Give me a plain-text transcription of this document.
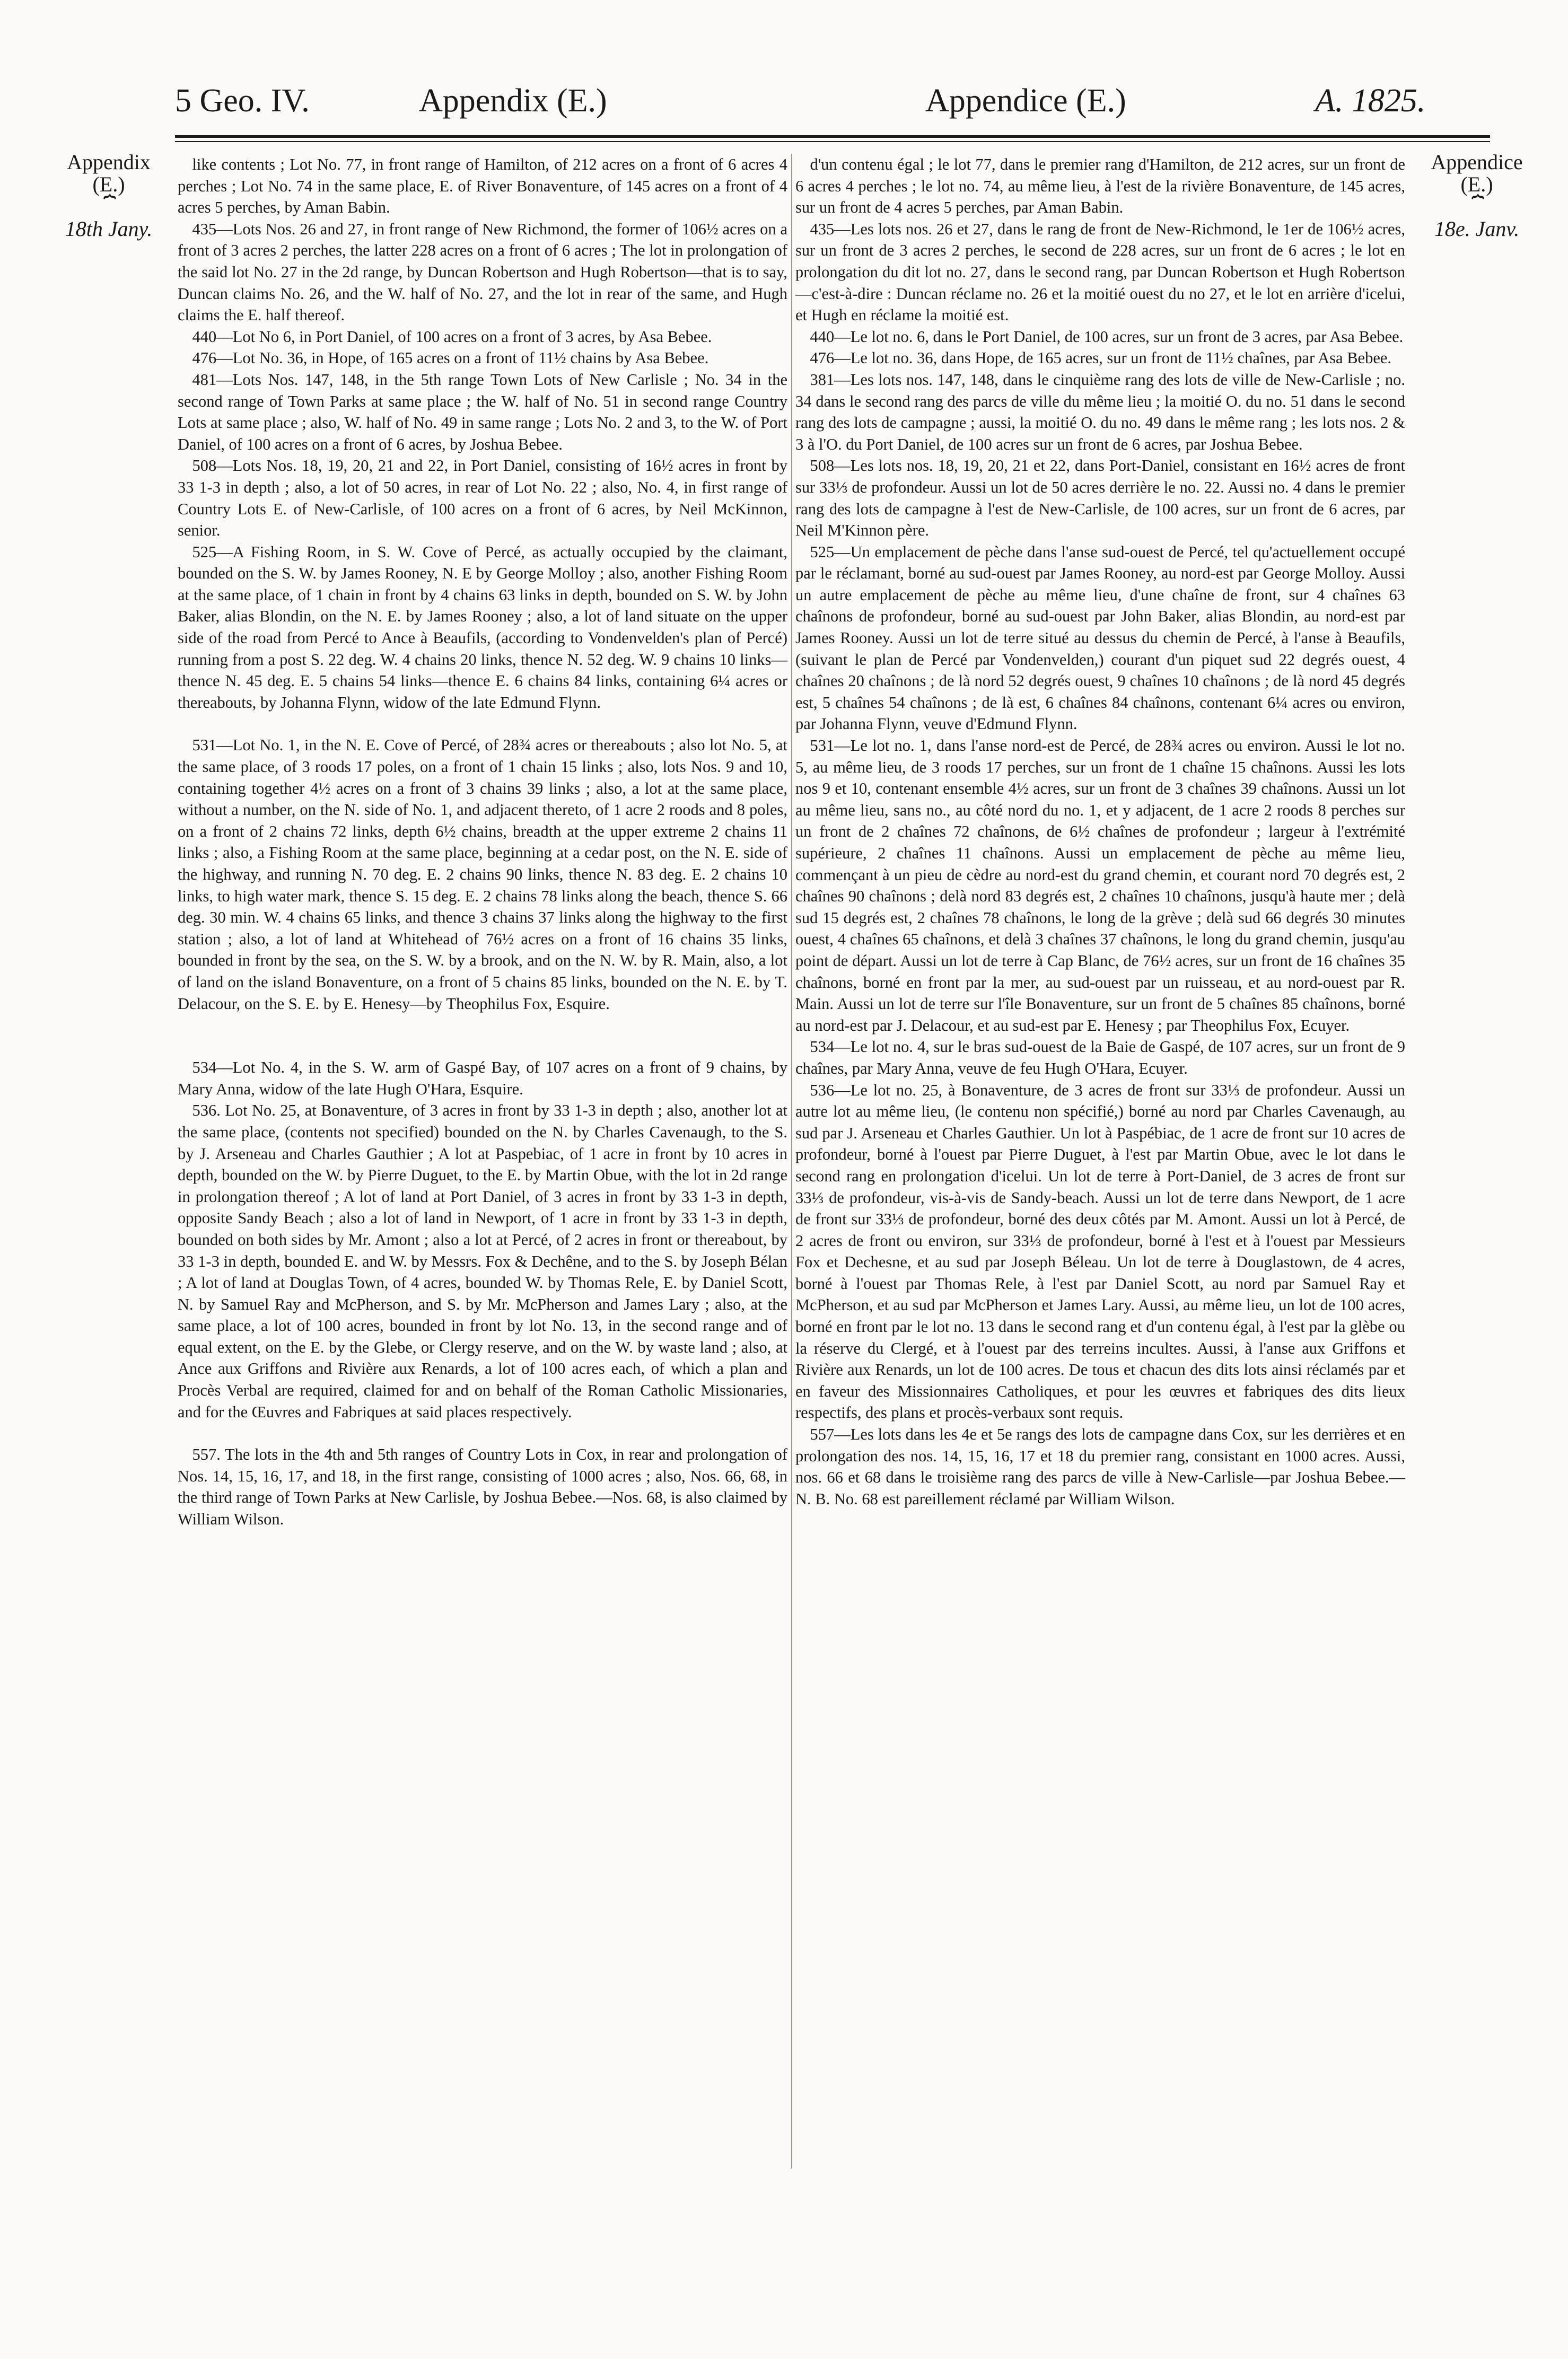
5 Geo. IV.	Appendix (E.)	Appendice (E.)	A. 1825.
Appendix
(E.)
⏞
18th Jany.
Appendice
(E.)
⏞
18e. Janv.

like contents ; Lot No. 77, in front range of Hamilton, of 212 acres on a front of 6 acres 4 perches ; Lot No. 74 in the same place, E. of River Bonaventure, of 145 acres on a front of 4 acres 5 perches, by Aman Babin.

435—Lots Nos. 26 and 27, in front range of New Richmond, the former of 106½ acres on a front of 3 acres 2 perches, the latter 228 acres on a front of 6 acres ; The lot in prolongation of the said lot No. 27 in the 2d range, by Duncan Robertson and Hugh Robertson—that is to say, Duncan claims No. 26, and the W. half of No. 27, and the lot in rear of the same, and Hugh claims the E. half thereof.

440—Lot No 6, in Port Daniel, of 100 acres on a front of 3 acres, by Asa Bebee.

476—Lot No. 36, in Hope, of 165 acres on a front of 11½ chains by Asa Bebee.

481—Lots Nos. 147, 148, in the 5th range Town Lots of New Carlisle ; No. 34 in the second range of Town Parks at same place ; the W. half of No. 51 in second range Country Lots at same place ; also, W. half of No. 49 in same range ; Lots No. 2 and 3, to the W. of Port Daniel, of 100 acres on a front of 6 acres, by Joshua Bebee.

508—Lots Nos. 18, 19, 20, 21 and 22, in Port Daniel, consisting of 16½ acres in front by 33 1-3 in depth ; also, a lot of 50 acres, in rear of Lot No. 22 ; also, No. 4, in first range of Country Lots E. of New-Carlisle, of 100 acres on a front of 6 acres, by Neil McKinnon, senior.

525—A Fishing Room, in S. W. Cove of Percé, as actually occupied by the claimant, bounded on the S. W. by James Rooney, N. E by George Molloy ; also, another Fishing Room at the same place, of 1 chain in front by 4 chains 63 links in depth, bounded on S. W. by John Baker, alias Blondin, on the N. E. by James Rooney ; also, a lot of land situate on the upper side of the road from Percé to Ance à Beaufils, (according to Vondenvelden's plan of Percé) running from a post S. 22 deg. W. 4 chains 20 links, thence N. 52 deg. W. 9 chains 10 links—thence N. 45 deg. E. 5 chains 54 links—thence E. 6 chains 84 links, containing 6¼ acres or thereabouts, by Johanna Flynn, widow of the late Edmund Flynn.

531—Lot No. 1, in the N. E. Cove of Percé, of 28¾ acres or thereabouts ; also lot No. 5, at the same place, of 3 roods 17 poles, on a front of 1 chain 15 links ; also, lots Nos. 9 and 10, containing together 4½ acres on a front of 3 chains 39 links ; also, a lot at the same place, without a number, on the N. side of No. 1, and adjacent thereto, of 1 acre 2 roods and 8 poles, on a front of 2 chains 72 links, depth 6½ chains, breadth at the upper extreme 2 chains 11 links ; also, a Fishing Room at the same place, beginning at a cedar post, on the N. E. side of the highway, and running N. 70 deg. E. 2 chains 90 links, thence N. 83 deg. E. 2 chains 10 links, to high water mark, thence S. 15 deg. E. 2 chains 78 links along the beach, thence S. 66 deg. 30 min. W. 4 chains 65 links, and thence 3 chains 37 links along the highway to the first station ; also, a lot of land at Whitehead of 76½ acres on a front of 16 chains 35 links, bounded in front by the sea, on the S. W. by a brook, and on the N. W. by R. Main, also, a lot of land on the island Bonaventure, on a front of 5 chains 85 links, bounded on the N. E. by T. Delacour, on the S. E. by E. Henesy—by Theophilus Fox, Esquire.

534—Lot No. 4, in the S. W. arm of Gaspé Bay, of 107 acres on a front of 9 chains, by Mary Anna, widow of the late Hugh O'Hara, Esquire.

536. Lot No. 25, at Bonaventure, of 3 acres in front by 33 1-3 in depth ; also, another lot at the same place, (contents not specified) bounded on the N. by Charles Cavenaugh, to the S. by J. Arseneau and Charles Gauthier ; A lot at Paspebiac, of 1 acre in front by 10 acres in depth, bounded on the W. by Pierre Duguet, to the E. by Martin Obue, with the lot in 2d range in prolongation thereof ; A lot of land at Port Daniel, of 3 acres in front by 33 1-3 in depth, opposite Sandy Beach ; also a lot of land in Newport, of 1 acre in front by 33 1-3 in depth, bounded on both sides by Mr. Amont ; also a lot at Percé, of 2 acres in front or thereabout, by 33 1-3 in depth, bounded E. and W. by Messrs. Fox & Dechêne, and to the S. by Joseph Bélan ; A lot of land at Douglas Town, of 4 acres, bounded W. by Thomas Rele, E. by Daniel Scott, N. by Samuel Ray and McPherson, and S. by Mr. McPherson and James Lary ; also, at the same place, a lot of 100 acres, bounded in front by lot No. 13, in the second range and of equal extent, on the E. by the Glebe, or Clergy reserve, and on the W. by waste land ; also, at Ance aux Griffons and Rivière aux Renards, a lot of 100 acres each, of which a plan and Procès Verbal are required, claimed for and on behalf of the Roman Catholic Missionaries, and for the Œuvres and Fabriques at said places respectively.

557. The lots in the 4th and 5th ranges of Country Lots in Cox, in rear and prolongation of Nos. 14, 15, 16, 17, and 18, in the first range, consisting of 1000 acres ; also, Nos. 66, 68, in the third range of Town Parks at New Carlisle, by Joshua Bebee.—Nos. 68, is also claimed by William Wilson.

d'un contenu égal ; le lot 77, dans le premier rang d'Hamilton, de 212 acres, sur un front de 6 acres 4 perches ; le lot no. 74, au même lieu, à l'est de la rivière Bonaventure, de 145 acres, sur un front de 4 acres 5 perches, par Aman Babin.

435—Les lots nos. 26 et 27, dans le rang de front de New-Richmond, le 1er de 106½ acres, sur un front de 3 acres 2 perches, le second de 228 acres, sur un front de 6 acres ; le lot en prolongation du dit lot no. 27, dans le second rang, par Duncan Robertson et Hugh Robertson—c'est-à-dire : Duncan réclame no. 26 et la moitié ouest du no 27, et le lot en arrière d'icelui, et Hugh en réclame la moitié est.

440—Le lot no. 6, dans le Port Daniel, de 100 acres, sur un front de 3 acres, par Asa Bebee.

476—Le lot no. 36, dans Hope, de 165 acres, sur un front de 11½ chaînes, par Asa Bebee.

381—Les lots nos. 147, 148, dans le cinquième rang des lots de ville de New-Carlisle ; no. 34 dans le second rang des parcs de ville du même lieu ; la moitié O. du no. 51 dans le second rang des lots de campagne ; aussi, la moitié O. du no. 49 dans le même rang ; les lots nos. 2 & 3 à l'O. du Port Daniel, de 100 acres sur un front de 6 acres, par Joshua Bebee.

508—Les lots nos. 18, 19, 20, 21 et 22, dans Port-Daniel, consistant en 16½ acres de front sur 33⅓ de profondeur. Aussi un lot de 50 acres derrière le no. 22. Aussi no. 4 dans le premier rang des lots de campagne à l'est de New-Carlisle, de 100 acres, sur un front de 6 acres, par Neil M'Kinnon père.

525—Un emplacement de pèche dans l'anse sud-ouest de Percé, tel qu'actuellement occupé par le réclamant, borné au sud-ouest par James Rooney, au nord-est par George Molloy. Aussi un autre emplacement de pèche au même lieu, d'une chaîne de front, sur 4 chaînes 63 chaînons de profondeur, borné au sud-ouest par John Baker, alias Blondin, au nord-est par James Rooney. Aussi un lot de terre situé au dessus du chemin de Percé, à l'anse à Beaufils, (suivant le plan de Percé par Vondenvelden,) courant d'un piquet sud 22 degrés ouest, 4 chaînes 20 chaînons ; de là nord 52 degrés ouest, 9 chaînes 10 chaînons ; de là nord 45 degrés est, 5 chaînes 54 chaînons ; de là est, 6 chaînes 84 chaînons, contenant 6¼ acres ou environ, par Johanna Flynn, veuve d'Edmund Flynn.

531—Le lot no. 1, dans l'anse nord-est de Percé, de 28¾ acres ou environ. Aussi le lot no. 5, au même lieu, de 3 roods 17 perches, sur un front de 1 chaîne 15 chaînons. Aussi les lots nos 9 et 10, contenant ensemble 4½ acres, sur un front de 3 chaînes 39 chaînons. Aussi un lot au même lieu, sans no., au côté nord du no. 1, et y adjacent, de 1 acre 2 roods 8 perches sur un front de 2 chaînes 72 chaînons, de 6½ chaînes de profondeur ; largeur à l'extrémité supérieure, 2 chaînes 11 chaînons. Aussi un emplacement de pèche au même lieu, commençant à un pieu de cèdre au nord-est du grand chemin, et courant nord 70 degrés est, 2 chaînes 90 chaînons ; delà nord 83 degrés est, 2 chaînes 10 chaînons, jusqu'à haute mer ; delà sud 15 degrés est, 2 chaînes 78 chaînons, le long de la grève ; delà sud 66 degrés 30 minutes ouest, 4 chaînes 65 chaînons, et delà 3 chaînes 37 chaînons, le long du grand chemin, jusqu'au point de départ. Aussi un lot de terre à Cap Blanc, de 76½ acres, sur un front de 16 chaînes 35 chaînons, borné en front par la mer, au sud-ouest par un ruisseau, et au nord-ouest par R. Main. Aussi un lot de terre sur l'île Bonaventure, sur un front de 5 chaînes 85 chaînons, borné au nord-est par J. Delacour, et au sud-est par E. Henesy ; par Theophilus Fox, Ecuyer.

534—Le lot no. 4, sur le bras sud-ouest de la Baie de Gaspé, de 107 acres, sur un front de 9 chaînes, par Mary Anna, veuve de feu Hugh O'Hara, Ecuyer.

536—Le lot no. 25, à Bonaventure, de 3 acres de front sur 33⅓ de profondeur. Aussi un autre lot au même lieu, (le contenu non spécifié,) borné au nord par Charles Cavenaugh, au sud par J. Arseneau et Charles Gauthier. Un lot à Paspébiac, de 1 acre de front sur 10 acres de profondeur, borné à l'ouest par Pierre Duguet, à l'est par Martin Obue, avec le lot dans le second rang en prolongation d'icelui. Un lot de terre à Port-Daniel, de 3 acres de front sur 33⅓ de profondeur, vis-à-vis de Sandy-beach. Aussi un lot de terre dans Newport, de 1 acre de front sur 33⅓ de profondeur, borné des deux côtés par M. Amont. Aussi un lot à Percé, de 2 acres de front ou environ, sur 33⅓ de profondeur, borné à l'est et à l'ouest par Messieurs Fox et Dechesne, et au sud par Joseph Béleau. Un lot de terre à Douglastown, de 4 acres, borné à l'ouest par Thomas Rele, à l'est par Daniel Scott, au nord par Samuel Ray et McPherson, et au sud par McPherson et James Lary. Aussi, au même lieu, un lot de 100 acres, borné en front par le lot no. 13 dans le second rang et d'un contenu égal, à l'est par la glèbe ou la réserve du Clergé, et à l'ouest par des terreins incultes. Aussi, à l'anse aux Griffons et Rivière aux Renards, un lot de 100 acres. De tous et chacun des dits lots ainsi réclamés par et en faveur des Missionnaires Catholiques, et pour les œuvres et fabriques des dits lieux respectifs, des plans et procès-verbaux sont requis.

557—Les lots dans les 4e et 5e rangs des lots de campagne dans Cox, sur les derrières et en prolongation des nos. 14, 15, 16, 17 et 18 du premier rang, consistant en 1000 acres. Aussi, nos. 66 et 68 dans le troisième rang des parcs de ville à New-Carlisle—par Joshua Bebee.—N. B. No. 68 est pareillement réclamé par William Wilson.
